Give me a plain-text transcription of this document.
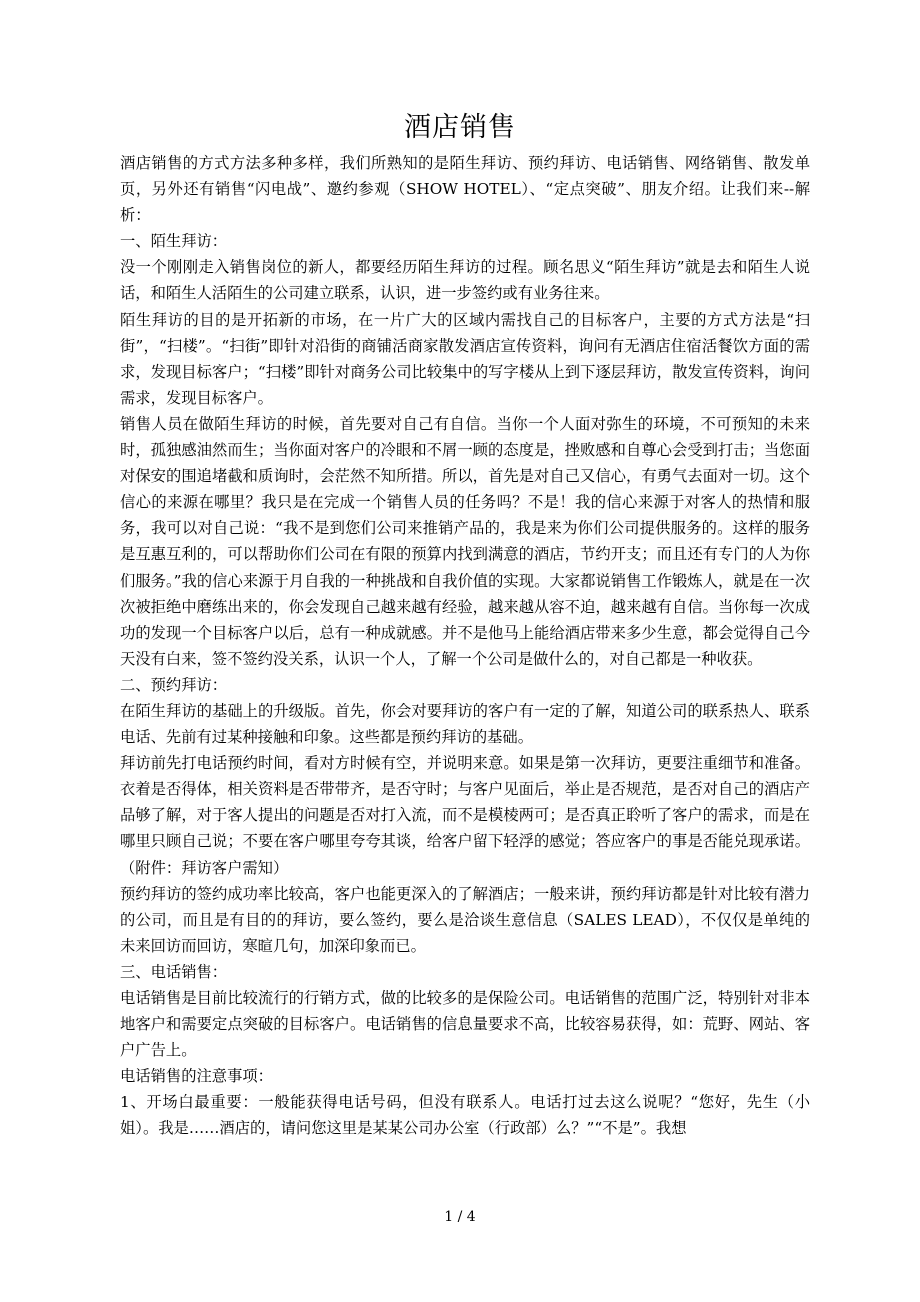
酒店销售

酒店销售的方式方法多种多样，我们所熟知的是陌生拜访、预约拜访、电话销售、网络销售、散发单页，另外还有销售“闪电战”、邀约参观（SHOW HOTEL）、“定点突破”、朋友介绍。让我们来--解析：

一、陌生拜访：

没一个刚刚走入销售岗位的新人，都要经历陌生拜访的过程。顾名思义“陌生拜访”就是去和陌生人说话，和陌生人活陌生的公司建立联系，认识，进一步签约或有业务往来。

陌生拜访的目的是开拓新的市场，在一片广大的区域内需找自己的目标客户，主要的方式方法是“扫街”，“扫楼”。“扫街”即针对沿街的商铺活商家散发酒店宣传资料，询问有无酒店住宿活餐饮方面的需求，发现目标客户；“扫楼”即针对商务公司比较集中的写字楼从上到下逐层拜访，散发宣传资料，询问需求，发现目标客户。

销售人员在做陌生拜访的时候，首先要对自己有自信。当你一个人面对弥生的环境，不可预知的未来时，孤独感油然而生；当你面对客户的冷眼和不屑一顾的态度是，挫败感和自尊心会受到打击；当您面对保安的围追堵截和质询时，会茫然不知所措。所以，首先是对自己又信心，有勇气去面对一切。这个信心的来源在哪里？我只是在完成一个销售人员的任务吗？不是！我的信心来源于对客人的热情和服务，我可以对自己说：“我不是到您们公司来推销产品的，我是来为你们公司提供服务的。这样的服务是互惠互利的，可以帮助你们公司在有限的预算内找到满意的酒店，节约开支；而且还有专门的人为你们服务。”我的信心来源于月自我的一种挑战和自我价值的实现。大家都说销售工作锻炼人，就是在一次次被拒绝中磨练出来的，你会发现自己越来越有经验，越来越从容不迫，越来越有自信。当你每一次成功的发现一个目标客户以后，总有一种成就感。并不是他马上能给酒店带来多少生意，都会觉得自己今天没有白来，签不签约没关系，认识一个人，了解一个公司是做什么的，对自己都是一种收获。

二、预约拜访：

在陌生拜访的基础上的升级版。首先，你会对要拜访的客户有一定的了解，知道公司的联系热人、联系电话、先前有过某种接触和印象。这些都是预约拜访的基础。

拜访前先打电话预约时间，看对方时候有空，并说明来意。如果是第一次拜访，更要注重细节和准备。衣着是否得体，相关资料是否带带齐，是否守时；与客户见面后，举止是否规范，是否对自己的酒店产品够了解，对于客人提出的问题是否对打入流，而不是模棱两可；是否真正聆听了客户的需求，而是在哪里只顾自己说；不要在客户哪里夸夸其谈，给客户留下轻浮的感觉；答应客户的事是否能兑现承诺。（附件：拜访客户需知）

预约拜访的签约成功率比较高，客户也能更深入的了解酒店；一般来讲，预约拜访都是针对比较有潜力的公司，而且是有目的的拜访，要么签约，要么是洽谈生意信息（SALES LEAD），不仅仅是单纯的未来回访而回访，寒暄几句，加深印象而已。

三、电话销售：

电话销售是目前比较流行的行销方式，做的比较多的是保险公司。电话销售的范围广泛，特别针对非本地客户和需要定点突破的目标客户。电话销售的信息量要求不高，比较容易获得，如：荒野、网站、客户广告上。

电话销售的注意事项：

1、开场白最重要：一般能获得电话号码，但没有联系人。电话打过去这么说呢？“您好，先生（小姐）。我是……酒店的，请问您这里是某某公司办公室（行政部）么？”“不是”。我想

1 / 4
